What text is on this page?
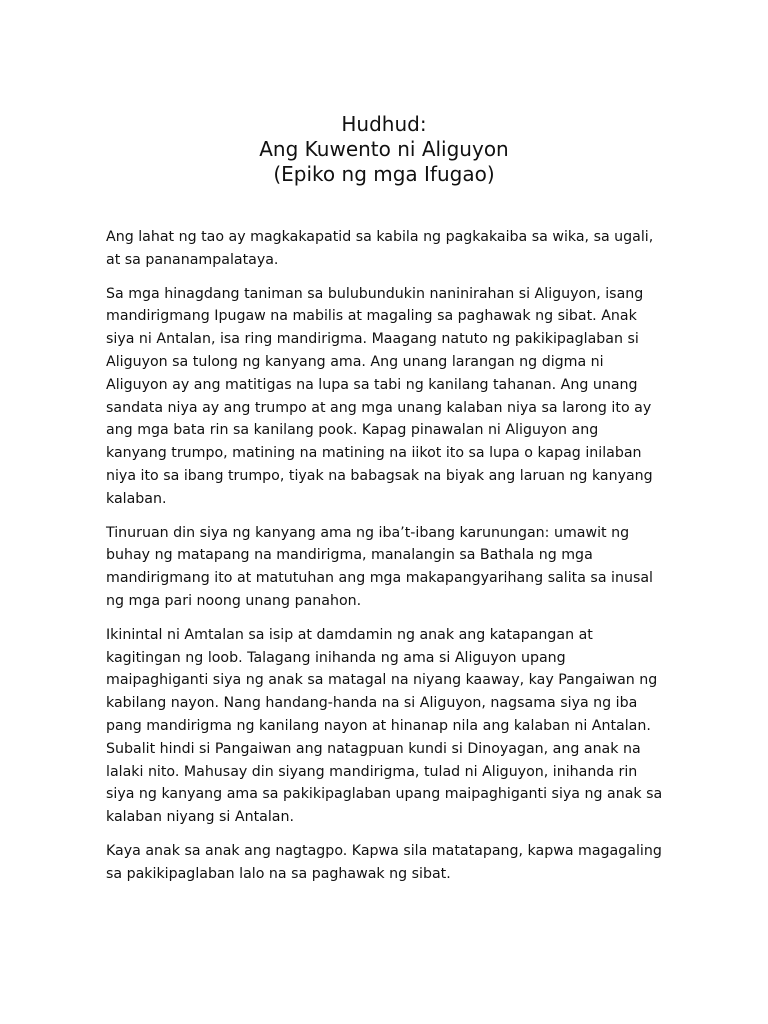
Hudhud:
Ang Kuwento ni Aliguyon
(Epiko ng mga Ifugao)

Ang lahat ng tao ay magkakapatid sa kabila ng pagkakaiba sa wika, sa ugali,
at sa pananampalataya.

Sa mga hinagdang taniman sa bulubundukin naninirahan si Aliguyon, isang
mandirigmang Ipugaw na mabilis at magaling sa paghawak ng sibat. Anak
siya ni Antalan, isa ring mandirigma. Maagang natuto ng pakikipaglaban si
Aliguyon sa tulong ng kanyang ama. Ang unang larangan ng digma ni
Aliguyon ay ang matitigas na lupa sa tabi ng kanilang tahanan. Ang unang
sandata niya ay ang trumpo at ang mga unang kalaban niya sa larong ito ay
ang mga bata rin sa kanilang pook. Kapag pinawalan ni Aliguyon ang
kanyang trumpo, matining na matining na iikot ito sa lupa o kapag inilaban
niya ito sa ibang trumpo, tiyak na babagsak na biyak ang laruan ng kanyang
kalaban.

Tinuruan din siya ng kanyang ama ng iba’t-ibang karunungan: umawit ng
buhay ng matapang na mandirigma, manalangin sa Bathala ng mga
mandirigmang ito at matutuhan ang mga makapangyarihang salita sa inusal
ng mga pari noong unang panahon.

Ikinintal ni Amtalan sa isip at damdamin ng anak ang katapangan at
kagitingan ng loob. Talagang inihanda ng ama si Aliguyon upang
maipaghiganti siya ng anak sa matagal na niyang kaaway, kay Pangaiwan ng
kabilang nayon. Nang handang-handa na si Aliguyon, nagsama siya ng iba
pang mandirigma ng kanilang nayon at hinanap nila ang kalaban ni Antalan.
Subalit hindi si Pangaiwan ang natagpuan kundi si Dinoyagan, ang anak na
lalaki nito. Mahusay din siyang mandirigma, tulad ni Aliguyon, inihanda rin
siya ng kanyang ama sa pakikipaglaban upang maipaghiganti siya ng anak sa
kalaban niyang si Antalan.

Kaya anak sa anak ang nagtagpo. Kapwa sila matatapang, kapwa magagaling
sa pakikipaglaban lalo na sa paghawak ng sibat.
